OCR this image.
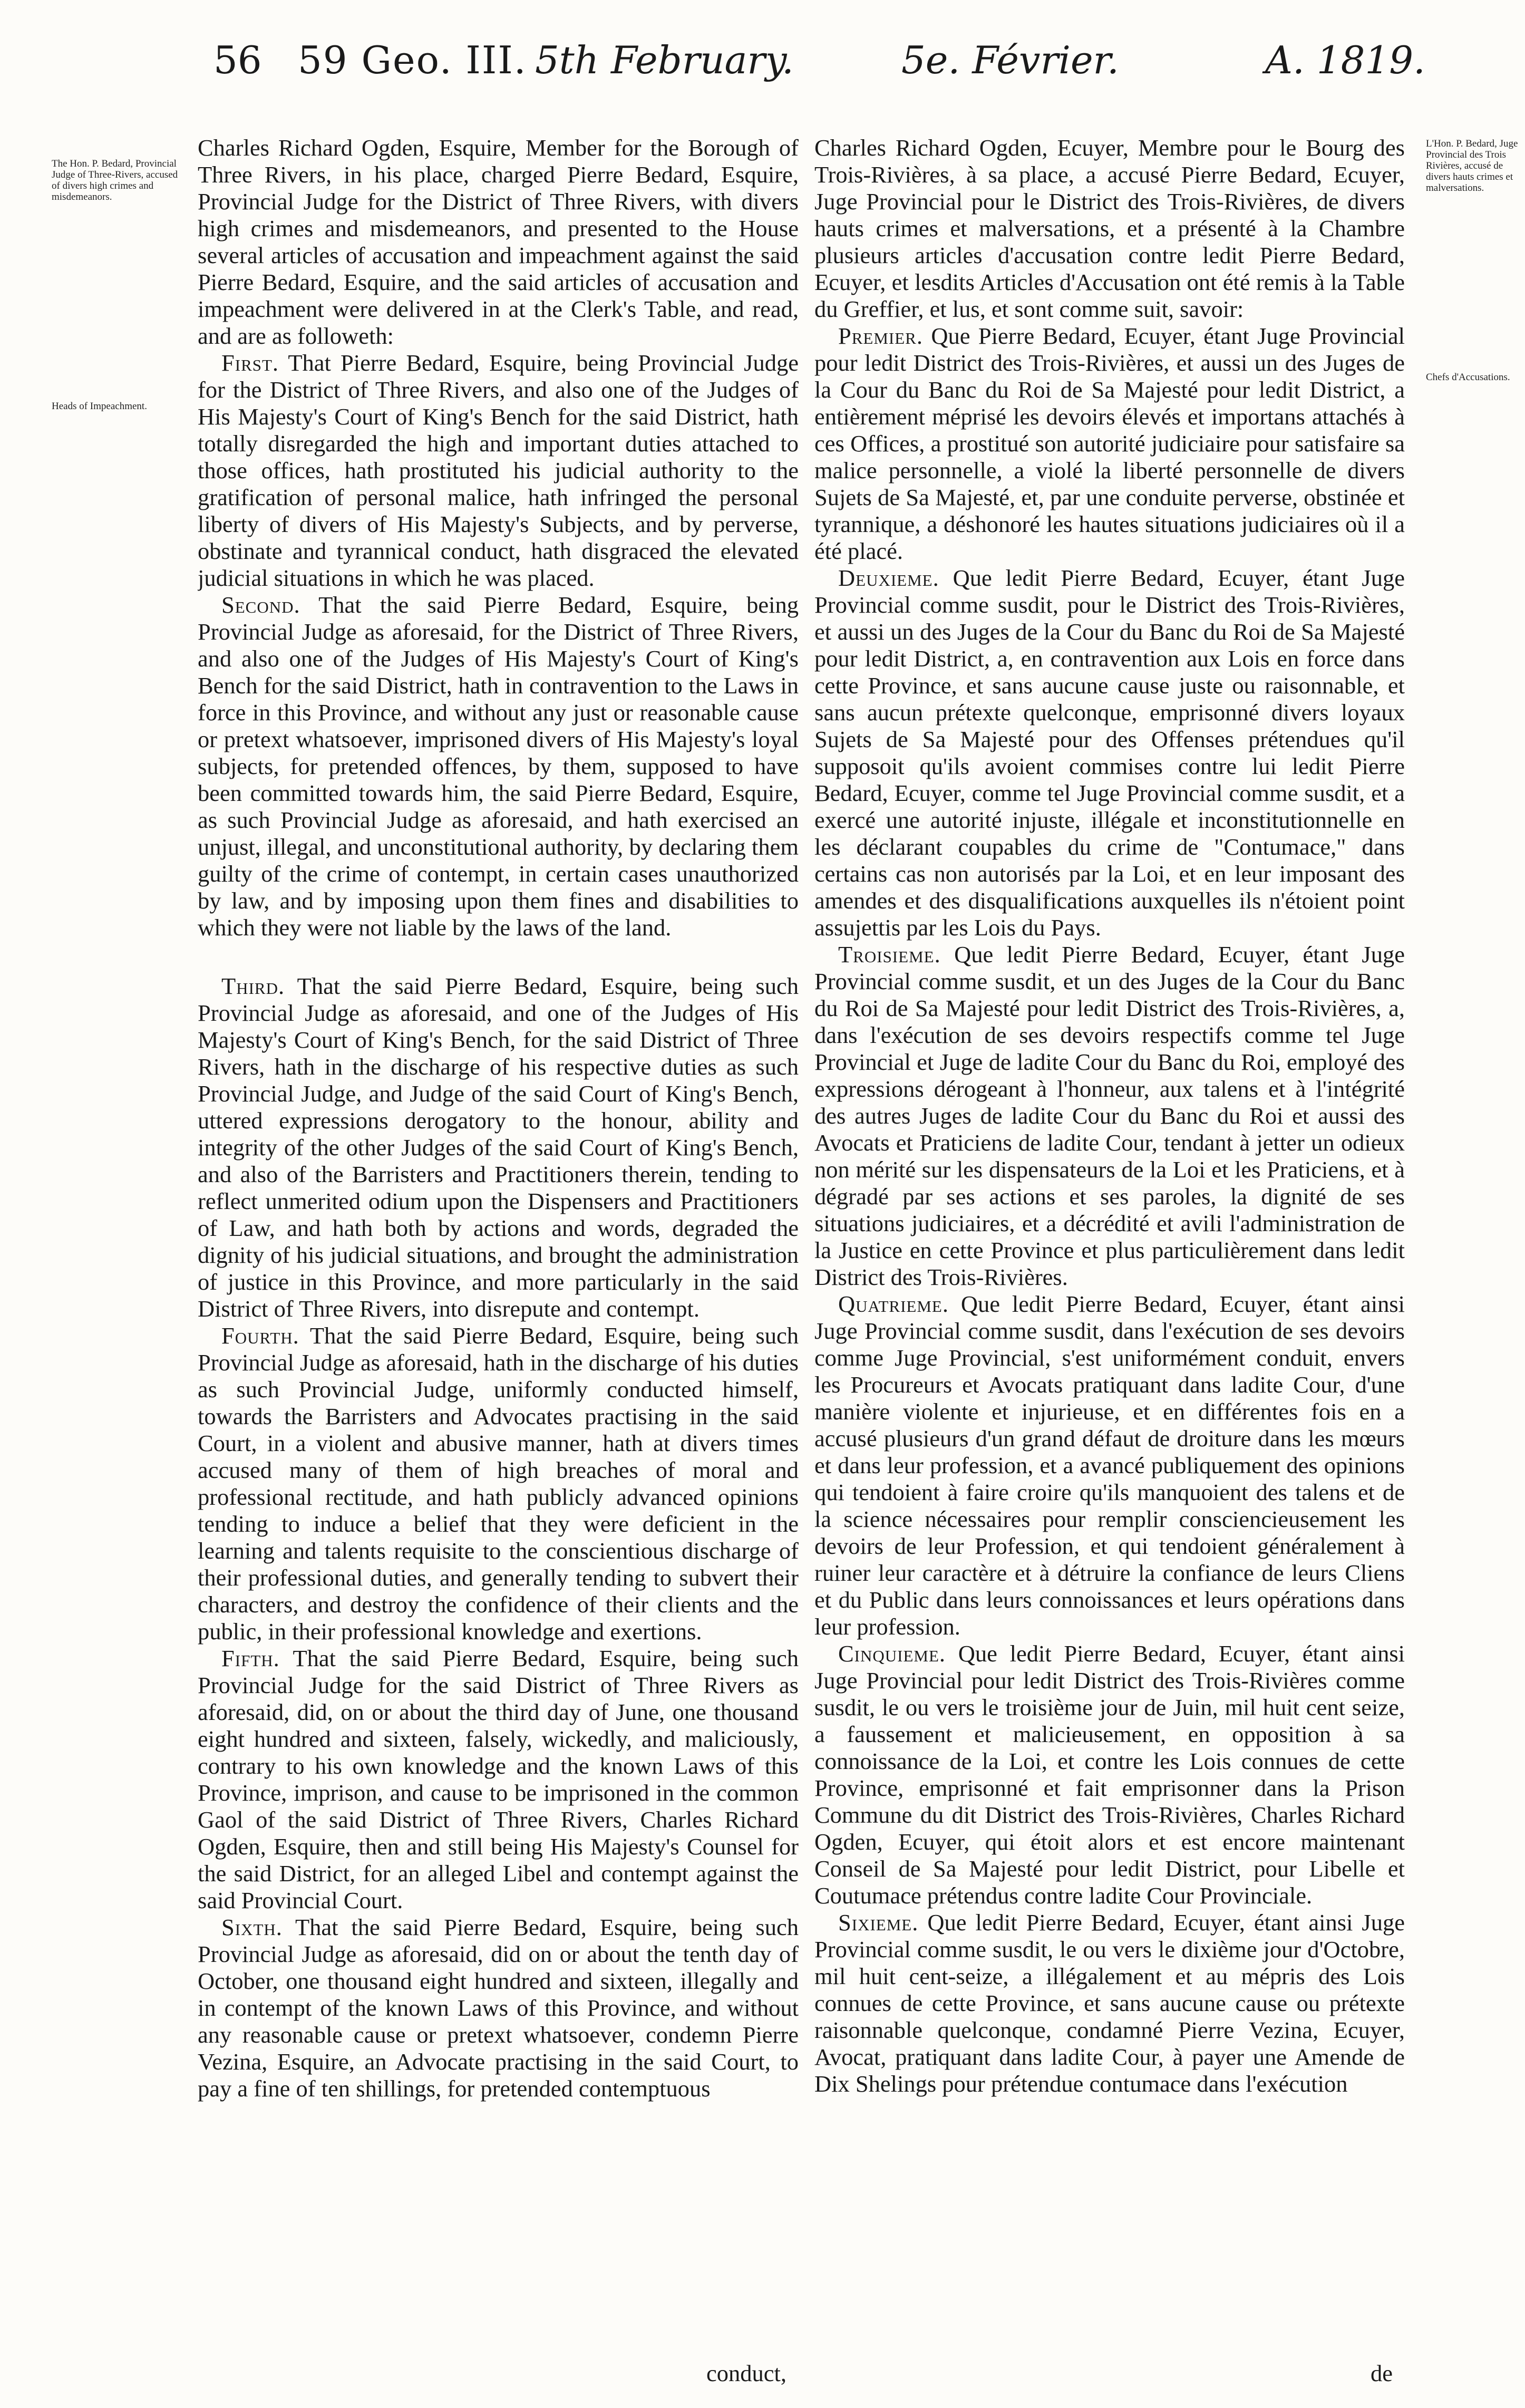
56 59 Geo. III. 5th February.	5e. Février.	A. 1819.
The Hon. P. Bedard, Provincial Judge of Three-Rivers, accused of divers high crimes and misdemeanors.
Heads of Impeachment.
L'Hon. P. Bedard, Juge Provincial des Trois Rivières, accusé de divers hauts crimes et malversations.
Chefs d'Accusations.

Charles Richard Ogden, Esquire, Member for the Borough of Three Rivers, in his place, charged Pierre Bedard, Esquire, Provincial Judge for the District of Three Rivers, with divers high crimes and misdemeanors, and presented to the House several articles of accusation and impeachment against the said Pierre Bedard, Esquire, and the said articles of accusation and impeachment were delivered in at the Clerk's Table, and read, and are as followeth:

First. That Pierre Bedard, Esquire, being Provincial Judge for the District of Three Rivers, and also one of the Judges of His Majesty's Court of King's Bench for the said District, hath totally disregarded the high and important duties attached to those offices, hath prostituted his judicial authority to the gratification of personal malice, hath infringed the personal liberty of divers of His Majesty's Subjects, and by perverse, obstinate and tyrannical conduct, hath disgraced the elevated judicial situations in which he was placed.

Second. That the said Pierre Bedard, Esquire, being Provincial Judge as aforesaid, for the District of Three Rivers, and also one of the Judges of His Majesty's Court of King's Bench for the said District, hath in contravention to the Laws in force in this Province, and without any just or reasonable cause or pretext whatsoever, imprisoned divers of His Majesty's loyal subjects, for pretended offences, by them, supposed to have been committed towards him, the said Pierre Bedard, Esquire, as such Provincial Judge as aforesaid, and hath exercised an unjust, illegal, and unconstitutional authority, by declaring them guilty of the crime of contempt, in certain cases unauthorized by law, and by imposing upon them fines and disabilities to which they were not liable by the laws of the land.

Third. That the said Pierre Bedard, Esquire, being such Provincial Judge as aforesaid, and one of the Judges of His Majesty's Court of King's Bench, for the said District of Three Rivers, hath in the discharge of his respective duties as such Provincial Judge, and Judge of the said Court of King's Bench, uttered expressions derogatory to the honour, ability and integrity of the other Judges of the said Court of King's Bench, and also of the Barristers and Practitioners therein, tending to reflect unmerited odium upon the Dispensers and Practitioners of Law, and hath both by actions and words, degraded the dignity of his judicial situations, and brought the administration of justice in this Province, and more particularly in the said District of Three Rivers, into disrepute and contempt.

Fourth. That the said Pierre Bedard, Esquire, being such Provincial Judge as aforesaid, hath in the discharge of his duties as such Provincial Judge, uniformly conducted himself, towards the Barristers and Advocates practising in the said Court, in a violent and abusive manner, hath at divers times accused many of them of high breaches of moral and professional rectitude, and hath publicly advanced opinions tending to induce a belief that they were deficient in the learning and talents requisite to the conscientious discharge of their professional duties, and generally tending to subvert their characters, and destroy the confidence of their clients and the public, in their professional knowledge and exertions.

Fifth. That the said Pierre Bedard, Esquire, being such Provincial Judge for the said District of Three Rivers as aforesaid, did, on or about the third day of June, one thousand eight hundred and sixteen, falsely, wickedly, and maliciously, contrary to his own knowledge and the known Laws of this Province, imprison, and cause to be imprisoned in the common Gaol of the said District of Three Rivers, Charles Richard Ogden, Esquire, then and still being His Majesty's Counsel for the said District, for an alleged Libel and contempt against the said Provincial Court.

Sixth. That the said Pierre Bedard, Esquire, being such Provincial Judge as aforesaid, did on or about the tenth day of October, one thousand eight hundred and sixteen, illegally and in contempt of the known Laws of this Province, and without any reasonable cause or pretext whatsoever, condemn Pierre Vezina, Esquire, an Advocate practising in the said Court, to pay a fine of ten shillings, for pretended contemptuous

conduct,

Charles Richard Ogden, Ecuyer, Membre pour le Bourg des Trois-Rivières, à sa place, a accusé Pierre Bedard, Ecuyer, Juge Provincial pour le District des Trois-Rivières, de divers hauts crimes et malversations, et a présenté à la Chambre plusieurs articles d'accusation contre ledit Pierre Bedard, Ecuyer, et lesdits Articles d'Accusation ont été remis à la Table du Greffier, et lus, et sont comme suit, savoir:

Premier. Que Pierre Bedard, Ecuyer, étant Juge Provincial pour ledit District des Trois-Rivières, et aussi un des Juges de la Cour du Banc du Roi de Sa Majesté pour ledit District, a entièrement méprisé les devoirs élevés et importans attachés à ces Offices, a prostitué son autorité judiciaire pour satisfaire sa malice personnelle, a violé la liberté personnelle de divers Sujets de Sa Majesté, et, par une conduite perverse, obstinée et tyrannique, a déshonoré les hautes situations judiciaires où il a été placé.

Deuxieme. Que ledit Pierre Bedard, Ecuyer, étant Juge Provincial comme susdit, pour le District des Trois-Rivières, et aussi un des Juges de la Cour du Banc du Roi de Sa Majesté pour ledit District, a, en contravention aux Lois en force dans cette Province, et sans aucune cause juste ou raisonnable, et sans aucun prétexte quelconque, emprisonné divers loyaux Sujets de Sa Majesté pour des Offenses prétendues qu'il supposoit qu'ils avoient commises contre lui ledit Pierre Bedard, Ecuyer, comme tel Juge Provincial comme susdit, et a exercé une autorité injuste, illégale et inconstitutionnelle en les déclarant coupables du crime de "Contumace," dans certains cas non autorisés par la Loi, et en leur imposant des amendes et des disqualifications auxquelles ils n'étoient point assujettis par les Lois du Pays.

Troisieme. Que ledit Pierre Bedard, Ecuyer, étant Juge Provincial comme susdit, et un des Juges de la Cour du Banc du Roi de Sa Majesté pour ledit District des Trois-Rivières, a, dans l'exécution de ses devoirs respectifs comme tel Juge Provincial et Juge de ladite Cour du Banc du Roi, employé des expressions dérogeant à l'honneur, aux talens et à l'intégrité des autres Juges de ladite Cour du Banc du Roi et aussi des Avocats et Praticiens de ladite Cour, tendant à jetter un odieux non mérité sur les dispensateurs de la Loi et les Praticiens, et à dégradé par ses actions et ses paroles, la dignité de ses situations judiciaires, et a décrédité et avili l'administration de la Justice en cette Province et plus particulièrement dans ledit District des Trois-Rivières.

Quatrieme. Que ledit Pierre Bedard, Ecuyer, étant ainsi Juge Provincial comme susdit, dans l'exécution de ses devoirs comme Juge Provincial, s'est uniformément conduit, envers les Procureurs et Avocats pratiquant dans ladite Cour, d'une manière violente et injurieuse, et en différentes fois en a accusé plusieurs d'un grand défaut de droiture dans les mœurs et dans leur profession, et a avancé publiquement des opinions qui tendoient à faire croire qu'ils manquoient des talens et de la science nécessaires pour remplir consciencieusement les devoirs de leur Profession, et qui tendoient généralement à ruiner leur caractère et à détruire la confiance de leurs Cliens et du Public dans leurs connoissances et leurs opérations dans leur profession.

Cinquieme. Que ledit Pierre Bedard, Ecuyer, étant ainsi Juge Provincial pour ledit District des Trois-Rivières comme susdit, le ou vers le troisième jour de Juin, mil huit cent seize, a faussement et malicieusement, en opposition à sa connoissance de la Loi, et contre les Lois connues de cette Province, emprisonné et fait emprisonner dans la Prison Commune du dit District des Trois-Rivières, Charles Richard Ogden, Ecuyer, qui étoit alors et est encore maintenant Conseil de Sa Majesté pour ledit District, pour Libelle et Coutumace prétendus contre ladite Cour Provinciale.

Sixieme. Que ledit Pierre Bedard, Ecuyer, étant ainsi Juge Provincial comme susdit, le ou vers le dixième jour d'Octobre, mil huit cent-seize, a illégalement et au mépris des Lois connues de cette Province, et sans aucune cause ou prétexte raisonnable quelconque, condamné Pierre Vezina, Ecuyer, Avocat, pratiquant dans ladite Cour, à payer une Amende de Dix Shelings pour prétendue contumace dans l'exécution

de
